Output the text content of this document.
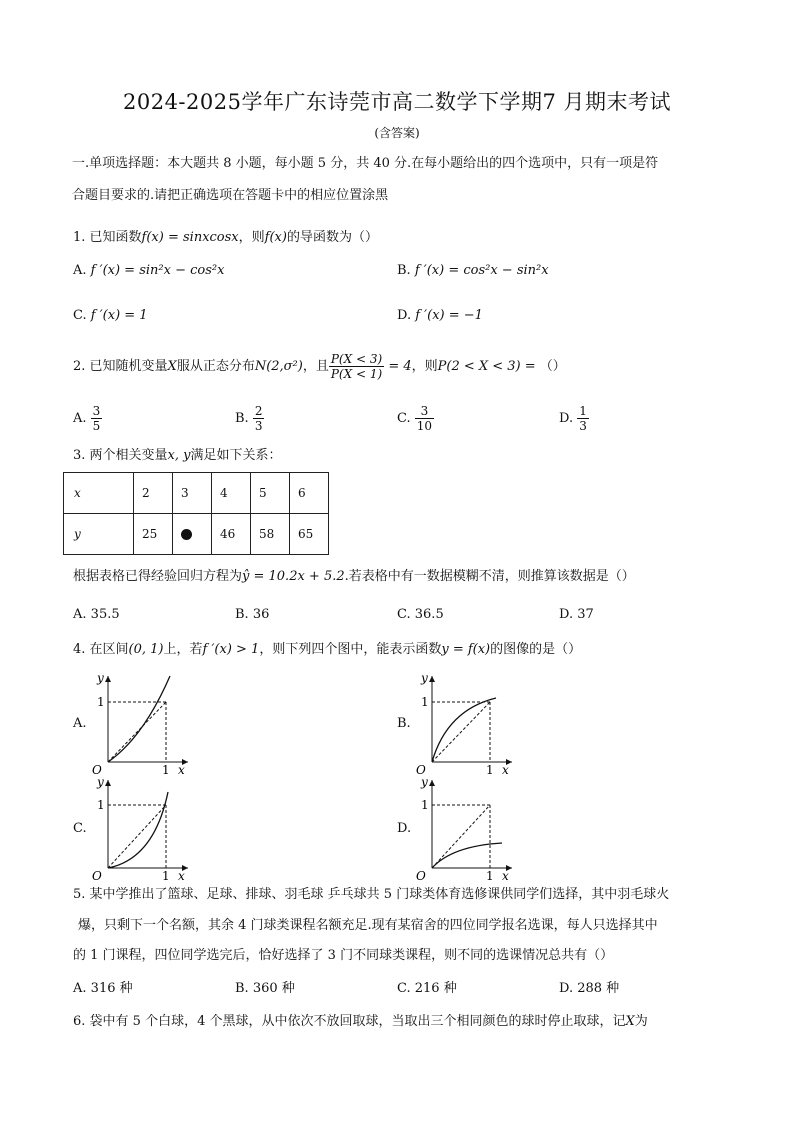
2024-2025学年广东诗莞市高二数学下学期7 月期末考试
(含答案)
一.单项选择题：本大题共 8 小题，每小题 5 分，共 40 分.在每小题给出的四个选项中，只有一项是符
合题目要求的.请把正确选项在答题卡中的相应位置涂黑
1. 已知函数f(x) = sinxcosx，则f(x)的导函数为（）
A. f ′(x) = sin²x − cos²x	B. f ′(x) = cos²x − sin²x
C. f ′(x) = 1	D. f ′(x) = −1
2. 已知随机变量X服从正态分布N(2,σ²)，且 $\frac{P(X < 3)}{P(X < 1)} = 4$，则P(2 < X < 3) = （）
A. $\frac{3}{5}$	B. $\frac{2}{3}$	C. $\frac{3}{10}$	D. $\frac{1}{3}$
3. 两个相关变量x, y满足如下关系：
x	2	3	4	5	6
y	25		46	58	65
根据表格已得经验回归方程为ŷ = 10.2x + 5.2.若表格中有一数据模糊不清，则推算该数据是（）
A. 35.5	B. 36	C. 36.5	D. 37
4. 在区间(0, 1)上，若f ′(x) > 1，则下列四个图中，能表示函数y = f(x)的图像的是（）
A.	B.
C.	D.
y
x
O
1
1
y
x
O
1
1
y
x
O
1
1
y
x
O
1
1
5. 某中学推出了篮球、足球、排球、羽毛球 乒乓球共 5 门球类体育选修课供同学们选择，其中羽毛球火
爆，只剩下一个名额，其余 4 门球类课程名额充足.现有某宿舍的四位同学报名选课，每人只选择其中
的 1 门课程，四位同学选完后，恰好选择了 3 门不同球类课程，则不同的选课情况总共有（）
A. 316 种	B. 360 种	C. 216 种	D. 288 种
6. 袋中有 5 个白球，4 个黑球，从中依次不放回取球，当取出三个相同颜色的球时停止取球，记X为
